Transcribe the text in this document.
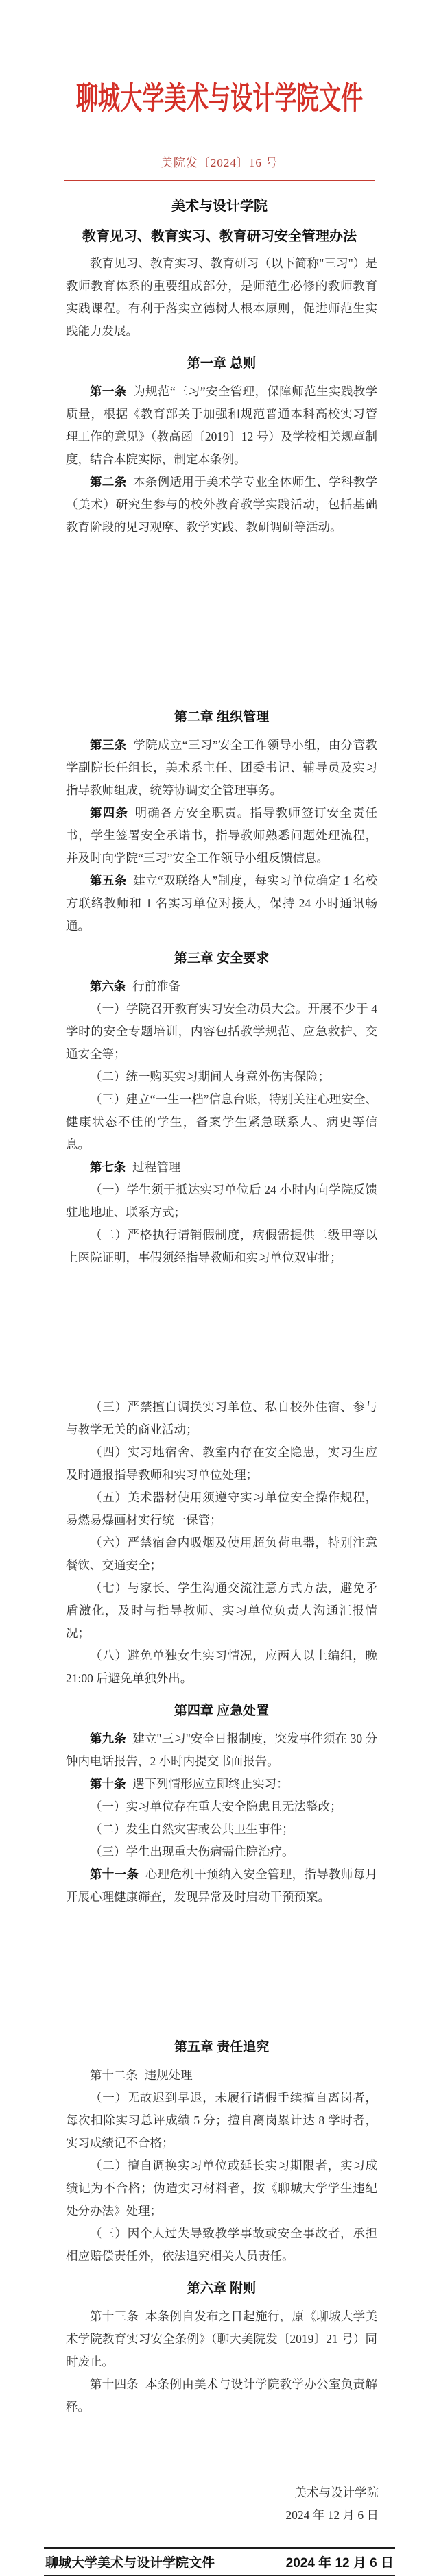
聊城大学美术与设计学院文件
美院发〔2024〕16 号
美术与设计学院
教育见习、教育实习、教育研习安全管理办法
教育见习、教育实习、教育研习（以下简称"三习"）是教师教育体系的重要组成部分，是师范生必修的教师教育实践课程。有利于落实立德树人根本原则，促进师范生实践能力发展。
第一章 总则
第一条 为规范“三习”安全管理，保障师范生实践教学质量，根据《教育部关于加强和规范普通本科高校实习管理工作的意见》（教高函〔2019〕12 号）及学校相关规章制度，结合本院实际，制定本条例。
第二条 本条例适用于美术学专业全体师生、学科教学（美术）研究生参与的校外教育教学实践活动，包括基础教育阶段的见习观摩、教学实践、教研调研等活动。
第二章 组织管理
第三条 学院成立“三习”安全工作领导小组，由分管教学副院长任组长，美术系主任、团委书记、辅导员及实习指导教师组成，统筹协调安全管理事务。
第四条 明确各方安全职责。指导教师签订安全责任书，学生签署安全承诺书，指导教师熟悉问题处理流程，并及时向学院“三习”安全工作领导小组反馈信息。
第五条 建立“双联络人”制度，每实习单位确定 1 名校方联络教师和 1 名实习单位对接人，保持 24 小时通讯畅通。
第三章 安全要求
第六条 行前准备
（一）学院召开教育实习安全动员大会。开展不少于 4 学时的安全专题培训，内容包括教学规范、应急救护、交通安全等；
（二）统一购买实习期间人身意外伤害保险；
（三）建立“一生一档”信息台账，特别关注心理安全、健康状态不佳的学生，备案学生紧急联系人、病史等信息。
第七条 过程管理
（一）学生须于抵达实习单位后 24 小时内向学院反馈驻地地址、联系方式；
（二）严格执行请销假制度，病假需提供二级甲等以上医院证明，事假须经指导教师和实习单位双审批；
（三）严禁擅自调换实习单位、私自校外住宿、参与与教学无关的商业活动；
（四）实习地宿舍、教室内存在安全隐患，实习生应及时通报指导教师和实习单位处理；
（五）美术器材使用须遵守实习单位安全操作规程，易燃易爆画材实行统一保管；
（六）严禁宿舍内吸烟及使用超负荷电器，特别注意餐饮、交通安全；
（七）与家长、学生沟通交流注意方式方法，避免矛盾激化，及时与指导教师、实习单位负责人沟通汇报情况；
（八）避免单独女生实习情况，应两人以上编组，晚 21:00 后避免单独外出。
第四章 应急处置
第九条 建立"三习"安全日报制度，突发事件须在 30 分钟内电话报告，2 小时内提交书面报告。
第十条 遇下列情形应立即终止实习：
（一）实习单位存在重大安全隐患且无法整改；
（二）发生自然灾害或公共卫生事件；
（三）学生出现重大伤病需住院治疗。
第十一条 心理危机干预纳入安全管理，指导教师每月开展心理健康筛查，发现异常及时启动干预预案。
第五章 责任追究
第十二条 违规处理
（一）无故迟到早退，未履行请假手续擅自离岗者，每次扣除实习总评成绩 5 分；擅自离岗累计达 8 学时者，实习成绩记不合格；
（二）擅自调换实习单位或延长实习期限者，实习成绩记为不合格；伪造实习材料者，按《聊城大学学生违纪处分办法》处理；
（三）因个人过失导致教学事故或安全事故者，承担相应赔偿责任外，依法追究相关人员责任。
第六章 附则
第十三条 本条例自发布之日起施行，原《聊城大学美术学院教育实习安全条例》（聊大美院发〔2019〕21 号）同时废止。
第十四条 本条例由美术与设计学院教学办公室负责解释。
美术与设计学院
2024 年 12 月 6 日
聊城大学美术与设计学院文件	2024 年 12 月 6 日
